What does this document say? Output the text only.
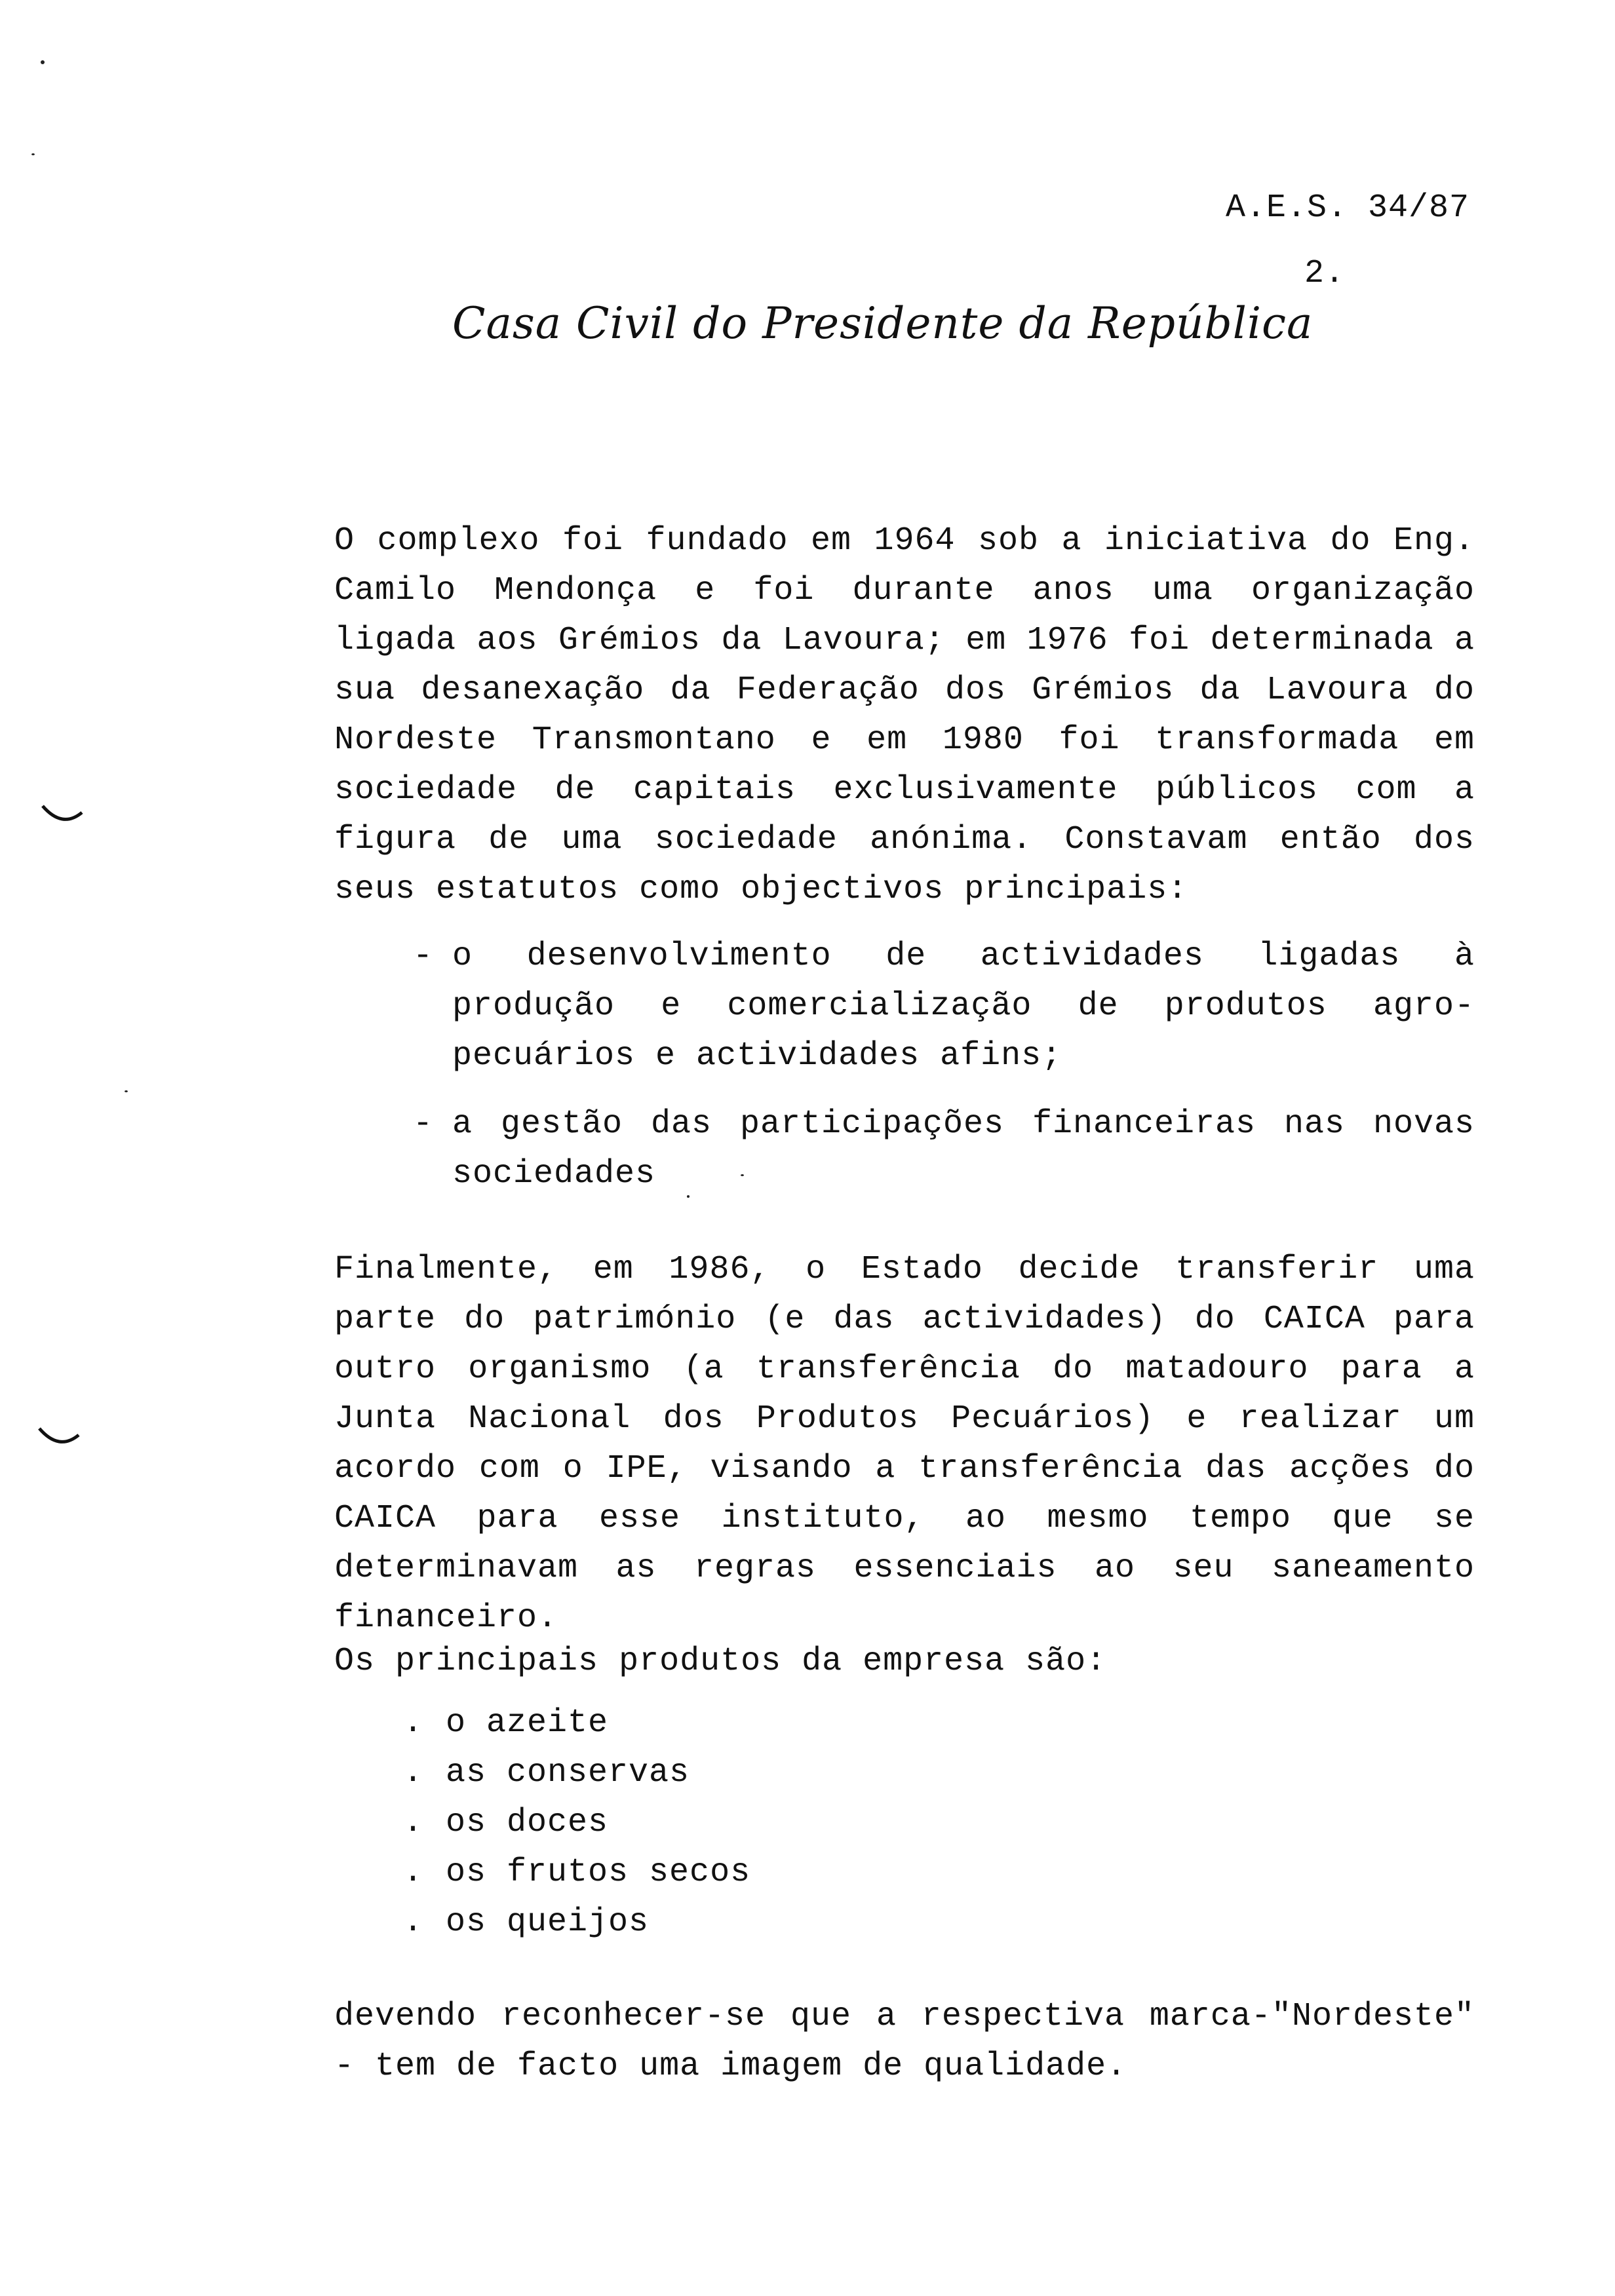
A.E.S. 34/87
2.
Casa Civil do Presidente da República
O complexo foi fundado em 1964 sob a iniciativa do Eng. Camilo Mendonça e foi durante anos uma organização ligada aos Grémios da Lavoura; em 1976 foi determinada a sua desanexação da Federação dos Grémios da Lavoura do Nordeste Transmontano e em 1980 foi transformada em sociedade de capitais exclusivamente públicos com a figura de uma sociedade anónima. Constavam então dos seus estatutos como objectivos principais:
- o desenvolvimento de actividades ligadas à produção e comercialização de produtos agro-pecuários e actividades afins;
- a gestão das participações financeiras nas novas sociedades
Finalmente, em 1986, o Estado decide transferir uma parte do património (e das actividades) do CAICA para outro organismo (a transferência do matadouro para a Junta Nacional dos Produtos Pecuários) e realizar um acordo com o IPE, visando a transferência das acções do CAICA para esse instituto, ao mesmo tempo que se determinavam as regras essenciais ao seu saneamento financeiro.
Os principais produtos da empresa são:
. o azeite
. as conservas
. os doces
. os frutos secos
. os queijos
devendo reconhecer-se que a respectiva marca-"Nordeste" - tem de facto uma imagem de qualidade.
